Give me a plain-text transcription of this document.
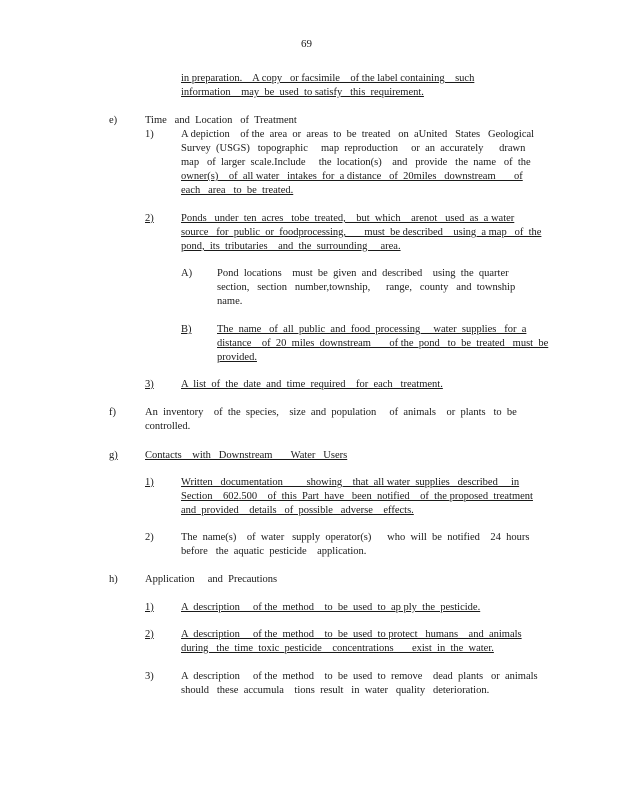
69
in preparation.    A copy   or facsimile    of the label containing    such
information    may  be  used  to satisfy   this  requirement.
e)	Time   and  Location   of  Treatment
1)	A depiction    of the  area  or  areas  to  be  treated   on  aUnited   States   Geological
Survey  (USGS)   topographic     map  reproduction     or  an  accurately      drawn
map   of  larger  scale.Include     the  location(s)    and   provide   the  name   of  the
owner(s)    of  all water   intakes  for  a distance   of  20miles   downstream       of
each   area   to  be  treated.
2)	Ponds   under  ten  acres   tobe  treated,    but  which    arenot   used  as  a water
source   for  public  or  foodprocessing,       must  be described    using  a map   of  the
pond,  its  tributaries    and  the  surrounding     area.
A) Pond  locations    must  be  given  and  described    using  the  quarter
section,   section   number,township,      range,   county   and  township
name.
B) The  name   of  all  public  and  food  processing     water  supplies   for  a
distance    of  20  miles  downstream       of the  pond   to  be  treated   must  be
provided.
3)	A  list  of  the  date  and  time  required    for  each   treatment.
f)	An  inventory    of  the  species,    size  and  population     of  animals    or  plants   to  be
controlled.
g)	Contacts    with   Downstream       Water   Users
1)	Written   documentation         showing    that  all water  supplies   described     in
Section    602.500    of  this  Part  have   been  notified    of  the proposed  treatment
and  provided    details   of  possible   adverse    effects.
2)	The  name(s)    of  water   supply  operator(s)      who  will  be  notified    24  hours
before   the  aquatic  pesticide    application.
h)	Application     and  Precautions
1)	A  description     of the  method    to  be  used  to  ap ply  the  pesticide.
2)	A  description     of the  method    to  be  used  to protect   humans    and  animals
during   the  time  toxic  pesticide    concentrations       exist  in  the  water.
3)	A  description     of the  method    to  be  used  to  remove    dead  plants   or  animals
should   these  accumula    tions  result   in  water   quality   deterioration.
